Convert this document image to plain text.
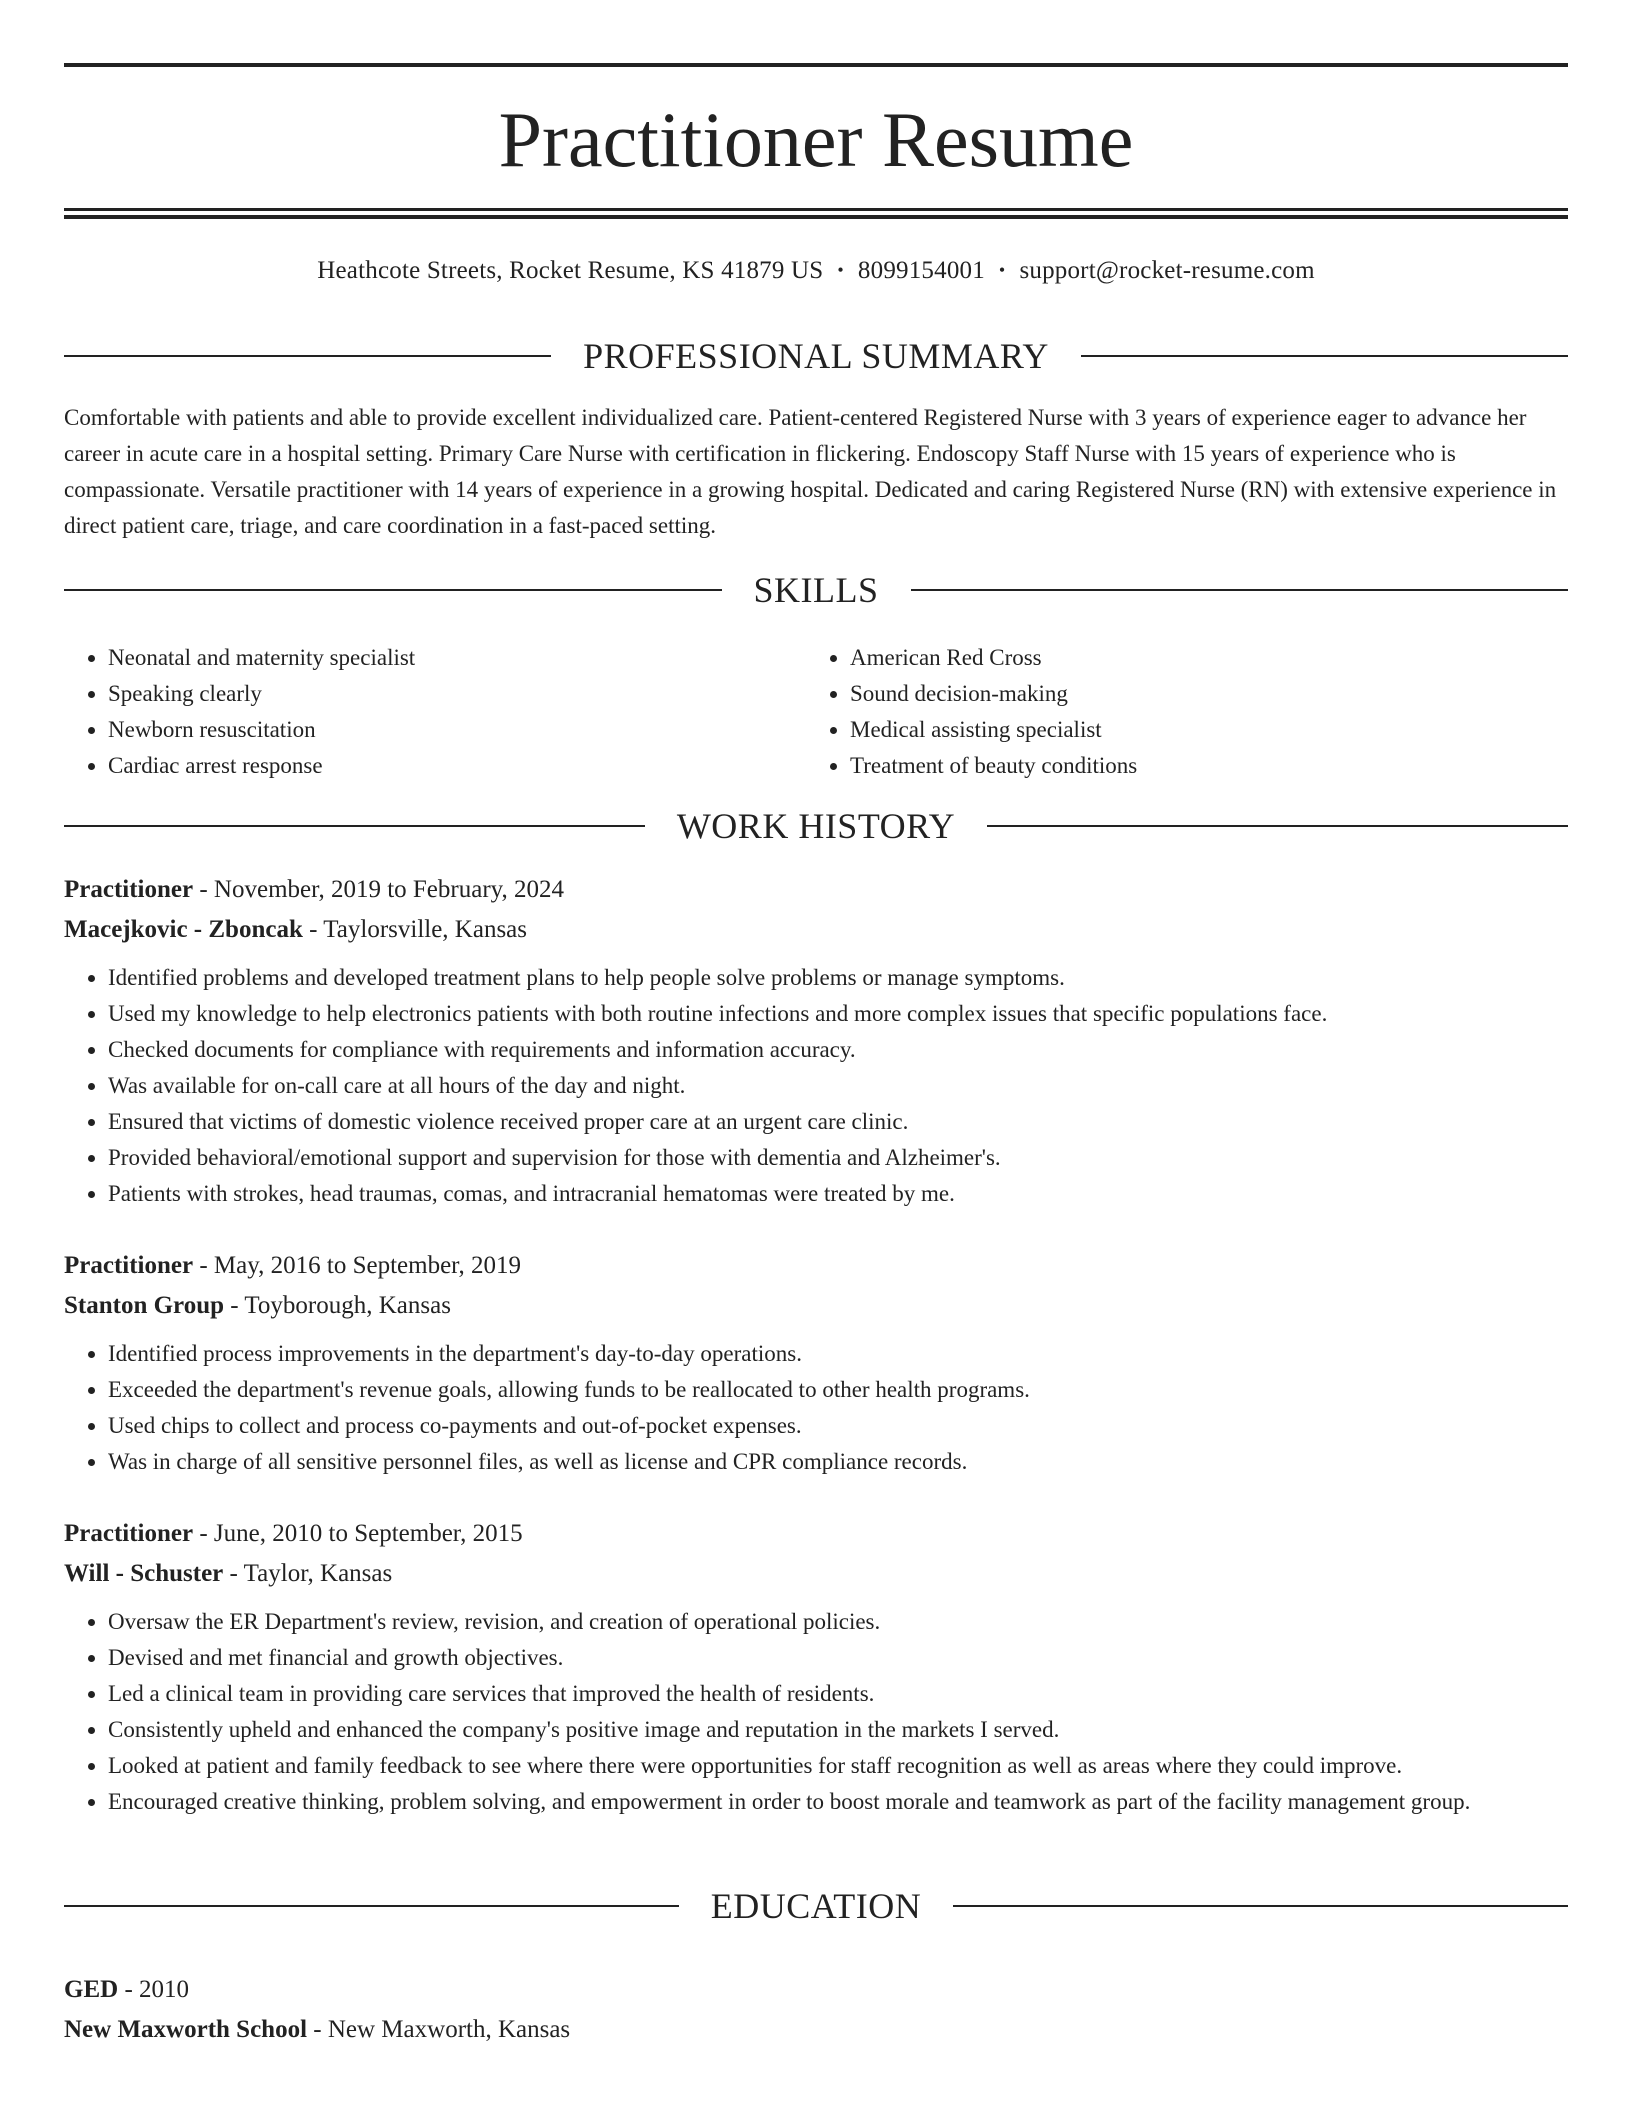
Practitioner Resume
Heathcote Streets, Rocket Resume, KS 41879 US • 8099154001 • support@rocket-resume.com
PROFESSIONAL SUMMARY

Comfortable with patients and able to provide excellent individualized care. Patient-centered Registered Nurse with 3 years of experience eager to advance her career in acute care in a hospital setting. Primary Care Nurse with certification in flickering. Endoscopy Staff Nurse with 15 years of experience who is compassionate. Versatile practitioner with 14 years of experience in a growing hospital. Dedicated and caring Registered Nurse (RN) with extensive experience in direct patient care, triage, and care coordination in a fast-paced setting.

SKILLS
• Neonatal and maternity specialist
• Speaking clearly
• Newborn resuscitation
• Cardiac arrest response
• American Red Cross
• Sound decision-making
• Medical assisting specialist
• Treatment of beauty conditions
WORK HISTORY

Practitioner - November, 2019 to February, 2024

Macejkovic - Zboncak - Taylorsville, Kansas

• Identified problems and developed treatment plans to help people solve problems or manage symptoms.
• Used my knowledge to help electronics patients with both routine infections and more complex issues that specific populations face.
• Checked documents for compliance with requirements and information accuracy.
• Was available for on-call care at all hours of the day and night.
• Ensured that victims of domestic violence received proper care at an urgent care clinic.
• Provided behavioral/emotional support and supervision for those with dementia and Alzheimer's.
• Patients with strokes, head traumas, comas, and intracranial hematomas were treated by me.

Practitioner - May, 2016 to September, 2019

Stanton Group - Toyborough, Kansas

• Identified process improvements in the department's day-to-day operations.
• Exceeded the department's revenue goals, allowing funds to be reallocated to other health programs.
• Used chips to collect and process co-payments and out-of-pocket expenses.
• Was in charge of all sensitive personnel files, as well as license and CPR compliance records.

Practitioner - June, 2010 to September, 2015

Will - Schuster - Taylor, Kansas

• Oversaw the ER Department's review, revision, and creation of operational policies.
• Devised and met financial and growth objectives.
• Led a clinical team in providing care services that improved the health of residents.
• Consistently upheld and enhanced the company's positive image and reputation in the markets I served.
• Looked at patient and family feedback to see where there were opportunities for staff recognition as well as areas where they could improve.
• Encouraged creative thinking, problem solving, and empowerment in order to boost morale and teamwork as part of the facility management group.
EDUCATION

GED - 2010

New Maxworth School - New Maxworth, Kansas
